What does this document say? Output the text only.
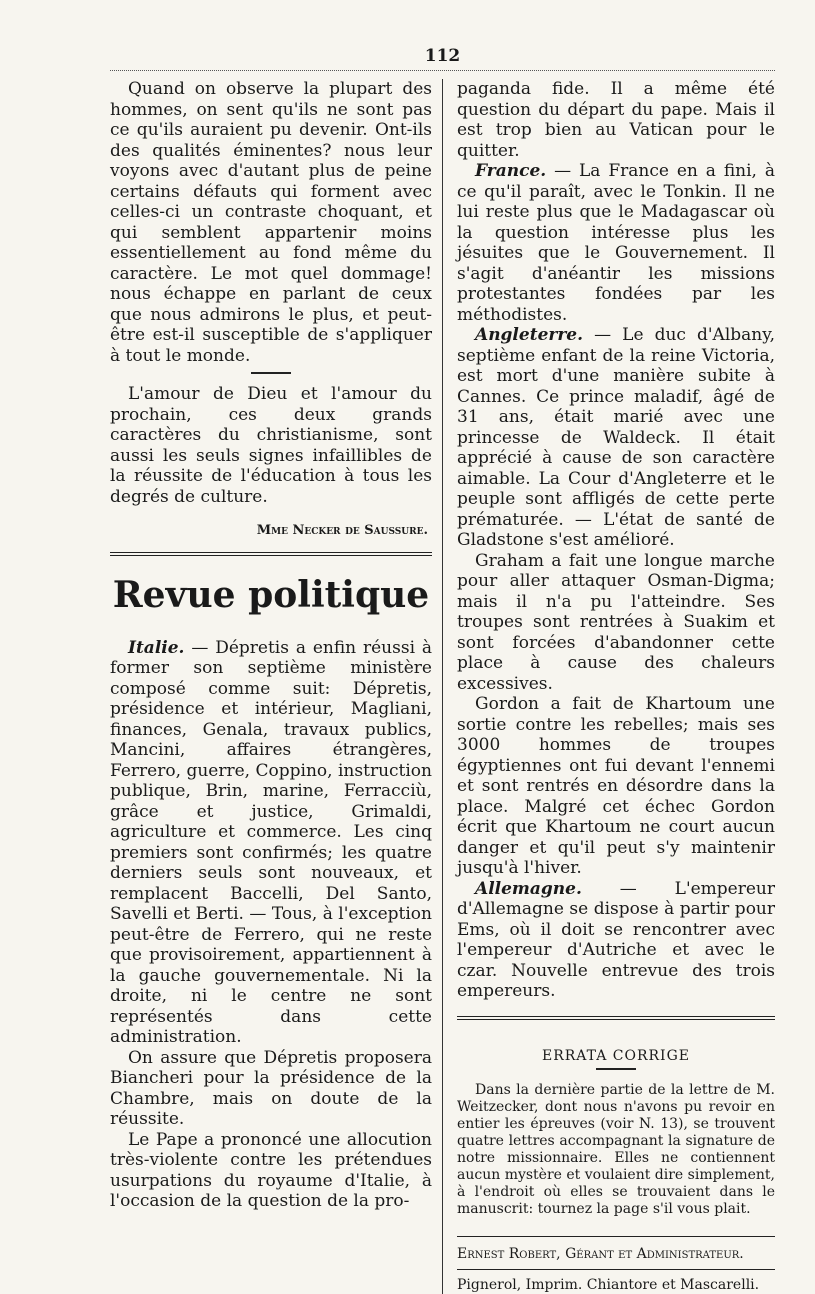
112

Quand on observe la plupart des hommes, on sent qu'ils ne sont pas ce qu'ils auraient pu devenir. Ont-ils des qualités éminentes? nous leur voyons avec d'autant plus de peine certains défauts qui forment avec celles-ci un contraste choquant, et qui semblent appartenir moins essentiellement au fond même du caractère. Le mot quel dommage! nous échappe en parlant de ceux que nous admirons le plus, et peut-être est-il susceptible de s'appliquer à tout le monde.

L'amour de Dieu et l'amour du prochain, ces deux grands caractères du christianisme, sont aussi les seuls signes infaillibles de la réussite de l'éducation à tous les degrés de culture.

Mme Necker de Saussure.

Revue politique

Italie. — Dépretis a enfin réussi à former son septième ministère composé comme suit: Dépretis, présidence et intérieur, Magliani, finances, Genala, travaux publics, Mancini, affaires étrangères, Ferrero, guerre, Coppino, instruction publique, Brin, marine, Ferracciù, grâce et justice, Grimaldi, agriculture et commerce. Les cinq premiers sont confirmés; les quatre derniers seuls sont nouveaux, et remplacent Baccelli, Del Santo, Savelli et Berti. — Tous, à l'exception peut-être de Ferrero, qui ne reste que provisoirement, appartiennent à la gauche gouvernementale. Ni la droite, ni le centre ne sont représentés dans cette administration.

On assure que Dépretis proposera Biancheri pour la présidence de la Chambre, mais on doute de la réussite.

Le Pape a prononcé une allocution très-violente contre les prétendues usurpations du royaume d'Italie, à l'occasion de la question de la pro-

paganda fide. Il a même été question du départ du pape. Mais il est trop bien au Vatican pour le quitter.

France. — La France en a fini, à ce qu'il paraît, avec le Tonkin. Il ne lui reste plus que le Madagascar où la question intéresse plus les jésuites que le Gouvernement. Il s'agit d'anéantir les missions protestantes fondées par les méthodistes.

Angleterre. — Le duc d'Albany, septième enfant de la reine Victoria, est mort d'une manière subite à Cannes. Ce prince maladif, âgé de 31 ans, était marié avec une princesse de Waldeck. Il était apprécié à cause de son caractère aimable. La Cour d'Angleterre et le peuple sont affligés de cette perte prématurée. — L'état de santé de Gladstone s'est amélioré.

Graham a fait une longue marche pour aller attaquer Osman-Digma; mais il n'a pu l'atteindre. Ses troupes sont rentrées à Suakim et sont forcées d'abandonner cette place à cause des chaleurs excessives.

Gordon a fait de Khartoum une sortie contre les rebelles; mais ses 3000 hommes de troupes égyptiennes ont fui devant l'ennemi et sont rentrés en désordre dans la place. Malgré cet échec Gordon écrit que Khartoum ne court aucun danger et qu'il peut s'y maintenir jusqu'à l'hiver.

Allemagne. — L'empereur d'Allemagne se dispose à partir pour Ems, où il doit se rencontrer avec l'empereur d'Autriche et avec le czar. Nouvelle entrevue des trois empereurs.

ERRATA CORRIGE

Dans la dernière partie de la lettre de M. Weitzecker, dont nous n'avons pu revoir en entier les épreuves (voir N. 13), se trouvent quatre lettres accompagnant la signature de notre missionnaire. Elles ne contiennent aucun mystère et voulaient dire simplement, à l'endroit où elles se trouvaient dans le manuscrit: tournez la page s'il vous plait.

Ernest Robert, Gérant et Administrateur.

Pignerol, Imprim. Chiantore et Mascarelli.
